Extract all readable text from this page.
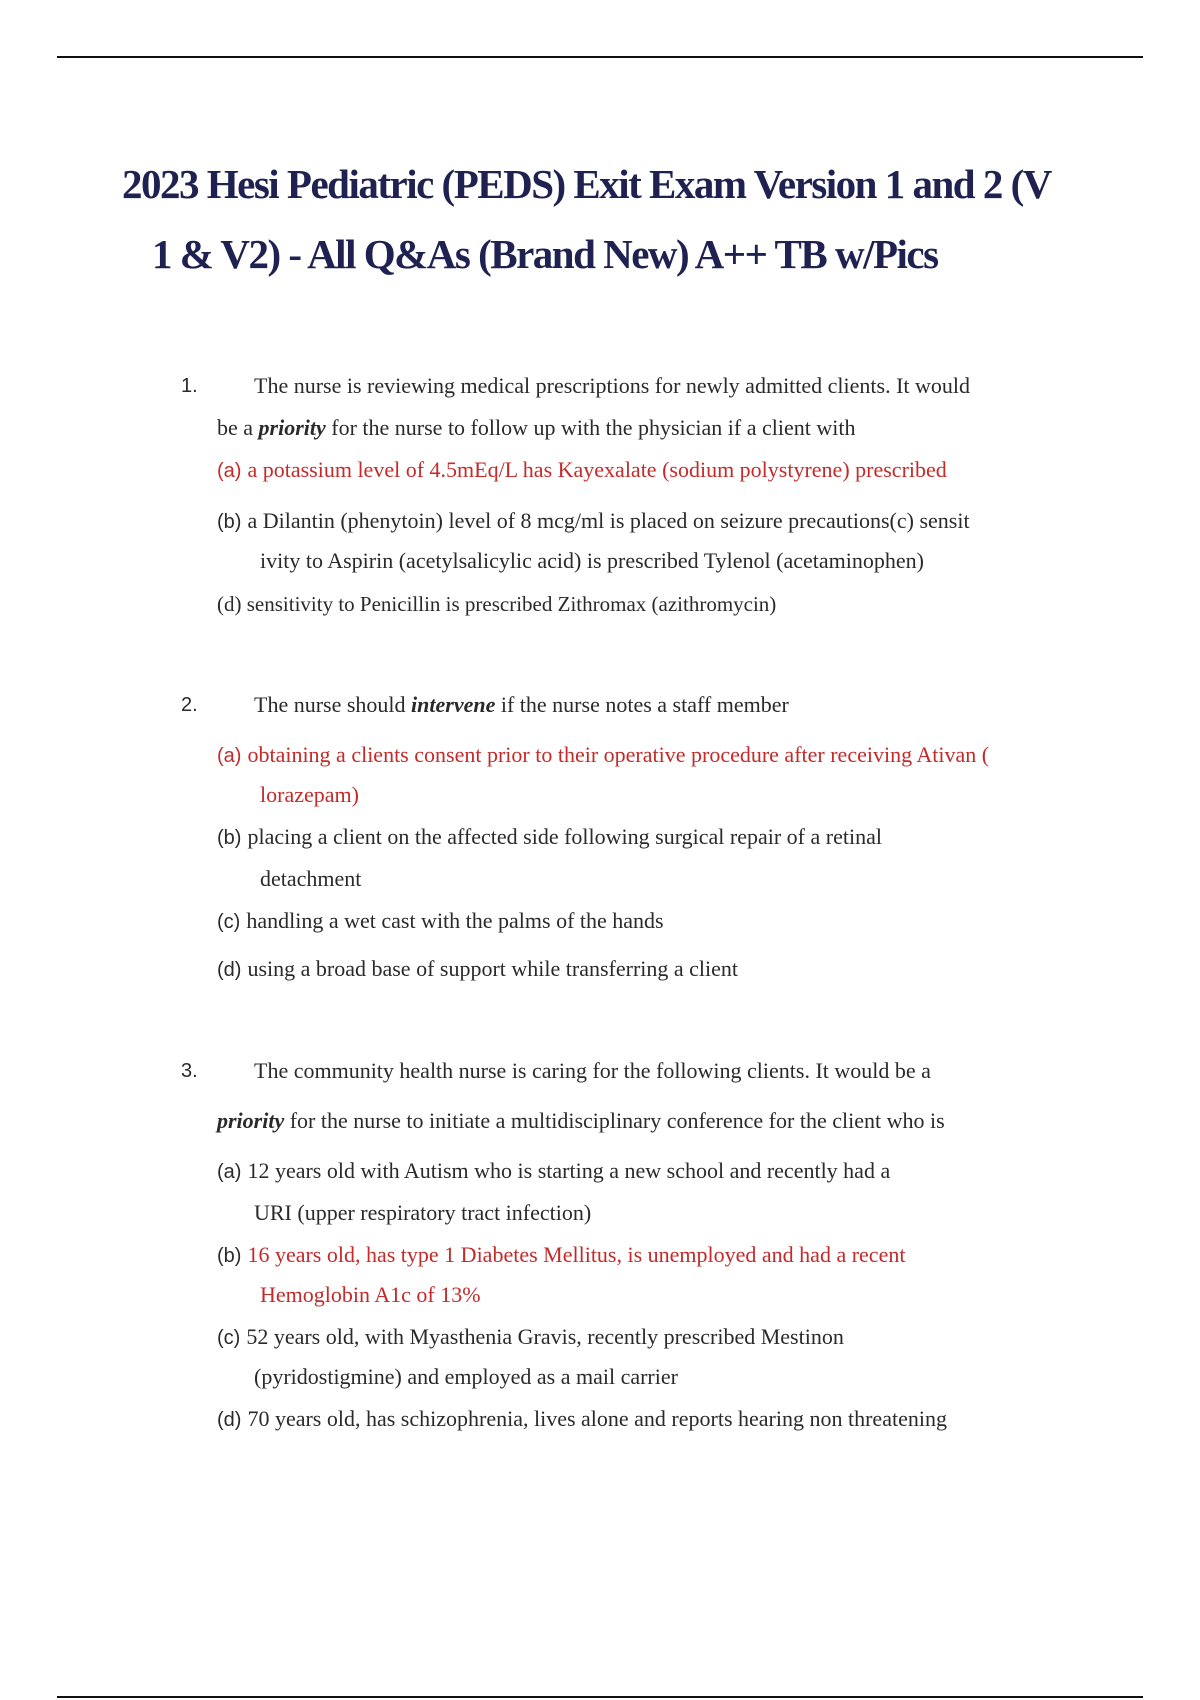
2023 Hesi Pediatric (PEDS) Exit Exam Version 1 and 2 (V
1 & V2) - All Q&As (Brand New) A++ TB w/Pics
1.	The nurse is reviewing medical prescriptions for newly admitted clients. It would
be a priority for the nurse to follow up with the physician if a client with
(a) a potassium level of 4.5mEq/L has Kayexalate (sodium polystyrene) prescribed
(b) a Dilantin (phenytoin) level of 8 mcg/ml is placed on seizure precautions(c) sensit
ivity to Aspirin (acetylsalicylic acid) is prescribed Tylenol (acetaminophen)
(d) sensitivity to Penicillin is prescribed Zithromax (azithromycin)
2.	The nurse should intervene if the nurse notes a staff member
(a) obtaining a clients consent prior to their operative procedure after receiving Ativan (
lorazepam)
(b) placing a client on the affected side following surgical repair of a retinal
detachment
(c) handling a wet cast with the palms of the hands
(d) using a broad base of support while transferring a client
3.	The community health nurse is caring for the following clients. It would be a
priority for the nurse to initiate a multidisciplinary conference for the client who is
(a) 12 years old with Autism who is starting a new school and recently had a
URI (upper respiratory tract infection)
(b) 16 years old, has type 1 Diabetes Mellitus, is unemployed and had a recent
Hemoglobin A1c of 13%
(c) 52 years old, with Myasthenia Gravis, recently prescribed Mestinon
(pyridostigmine) and employed as a mail carrier
(d) 70 years old, has schizophrenia, lives alone and reports hearing non threatening
